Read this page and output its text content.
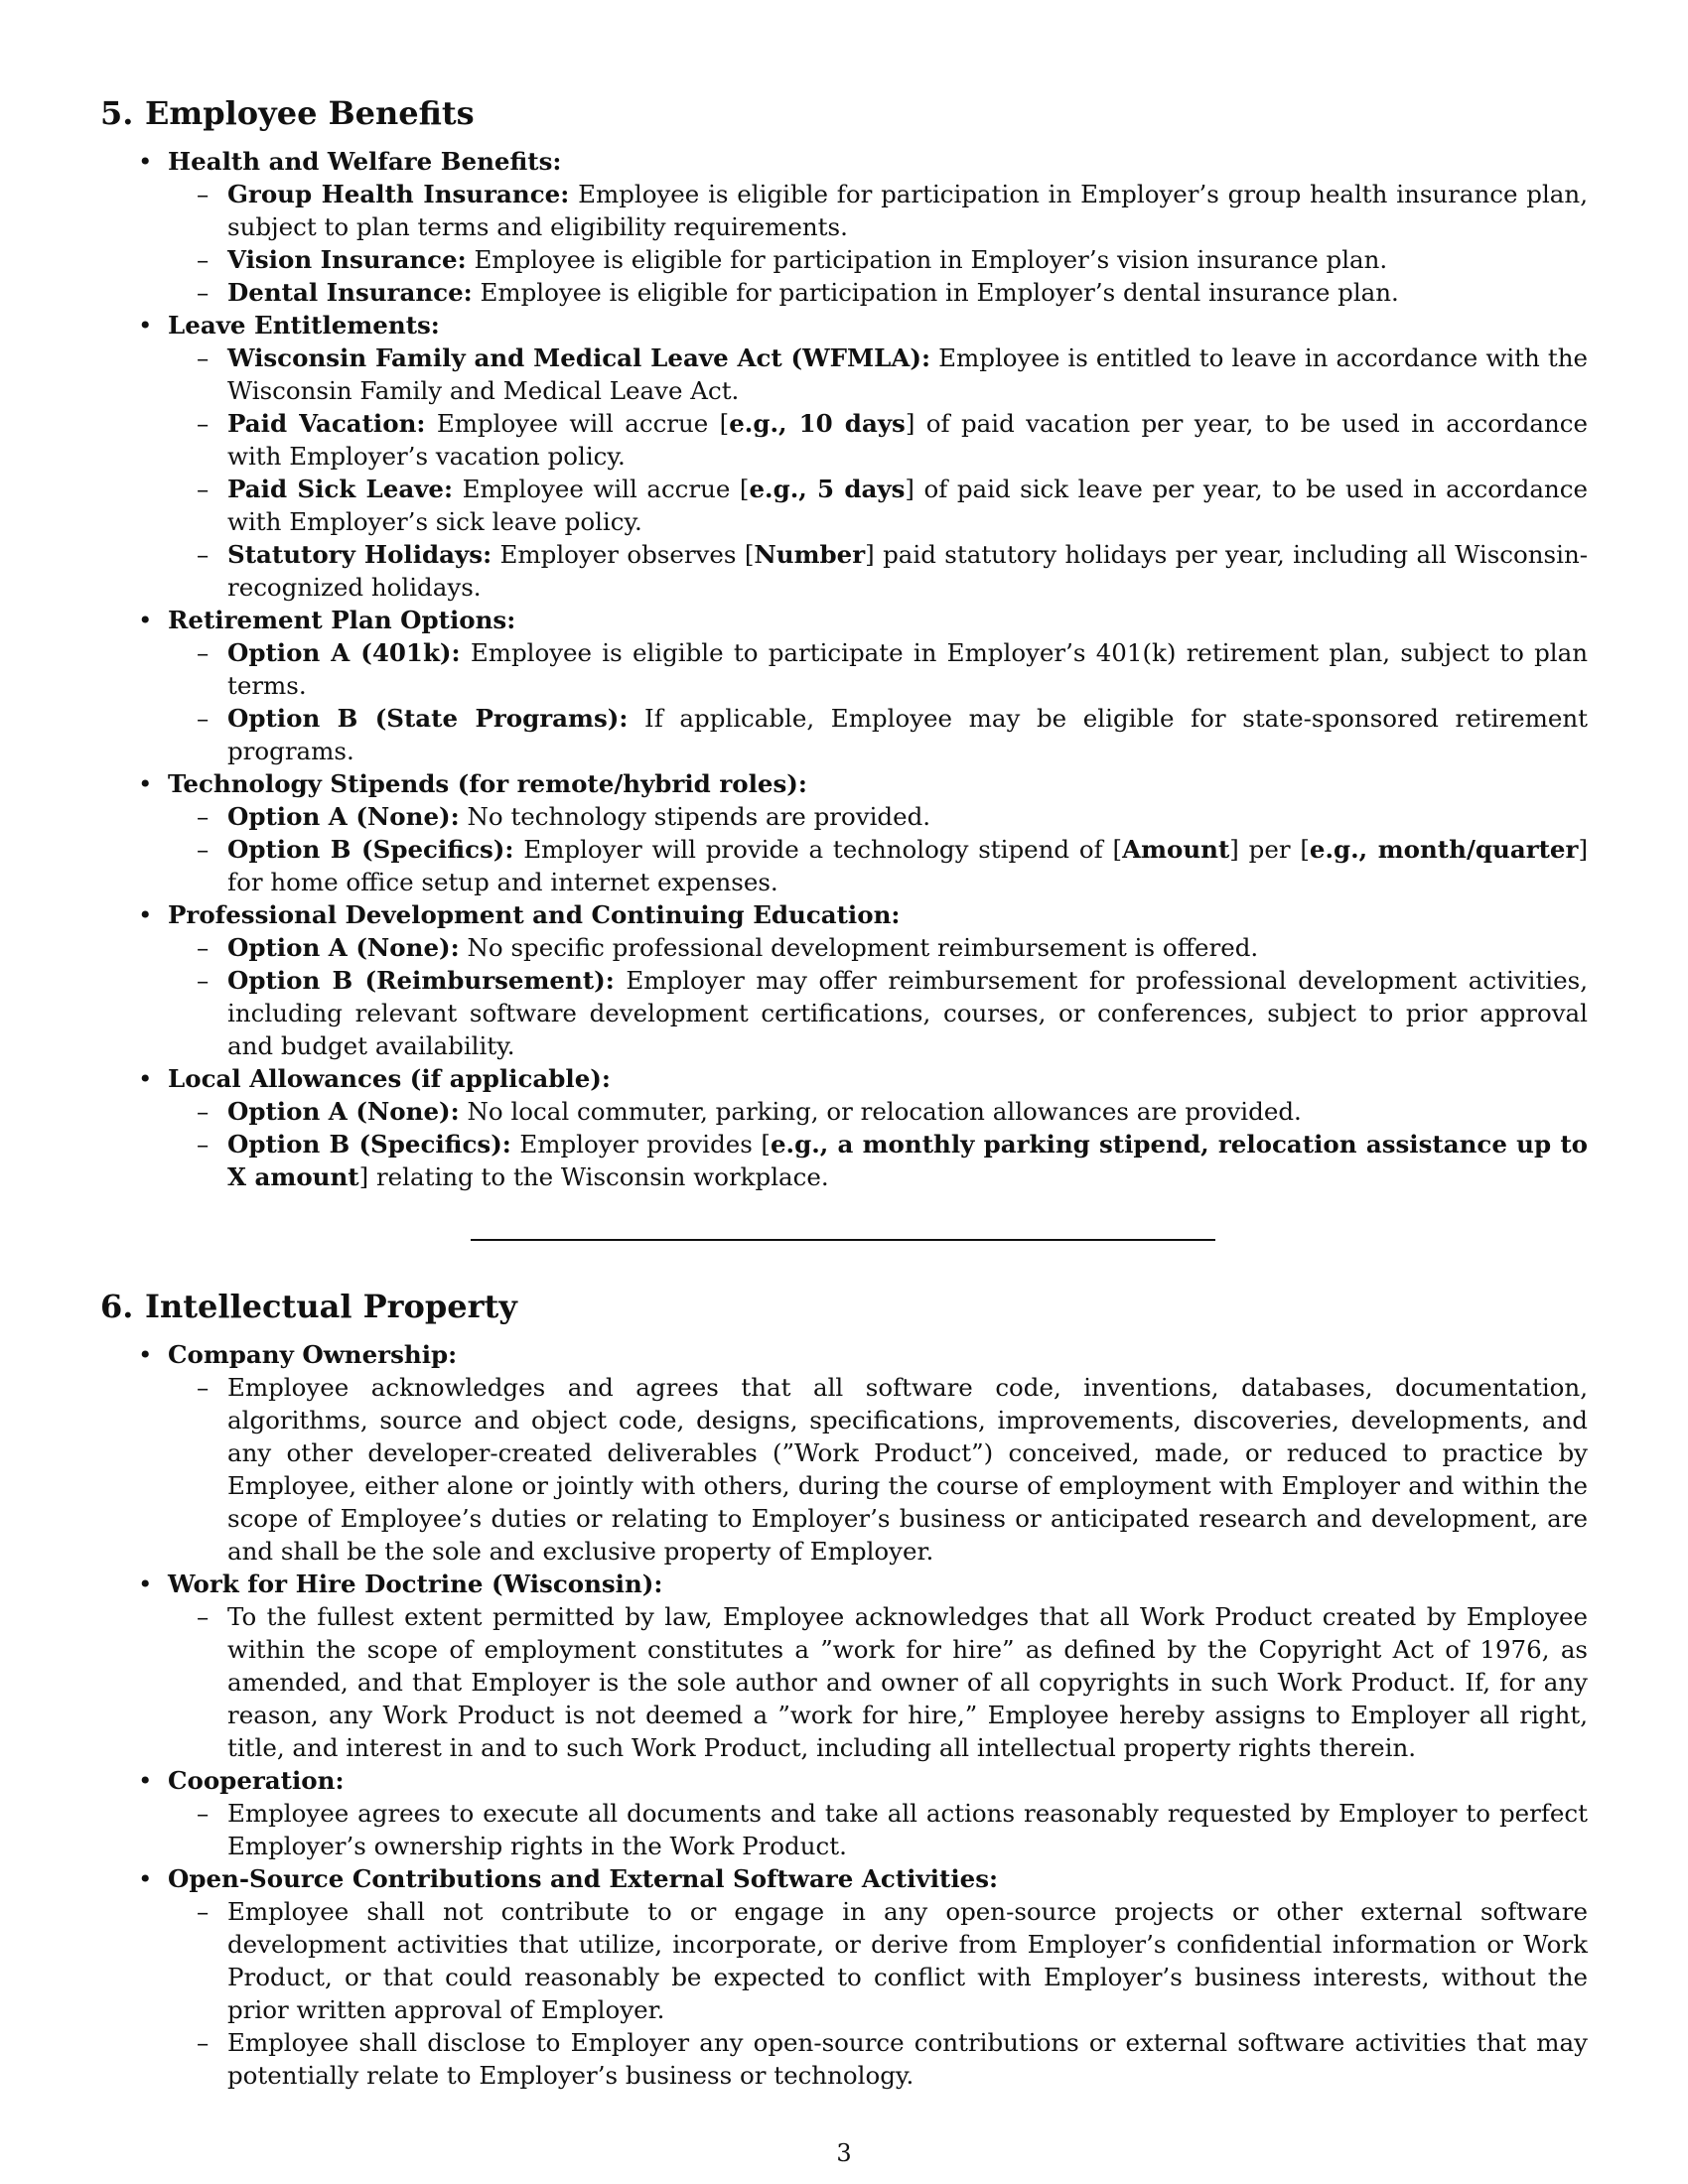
5. Employee Benefits
• Health and Welfare Benefits:
– Group Health Insurance: Employee is eligible for participation in Employer’s group health insurance plan, subject to plan terms and eligibility requirements.
– Vision Insurance: Employee is eligible for participation in Employer’s vision insurance plan.
– Dental Insurance: Employee is eligible for participation in Employer’s dental insurance plan.
• Leave Entitlements:
– Wisconsin Family and Medical Leave Act (WFMLA): Employee is entitled to leave in accordance with the Wisconsin Family and Medical Leave Act.
– Paid Vacation: Employee will accrue [e.g., 10 days] of paid vacation per year, to be used in accordance with Employer’s vacation policy.
– Paid Sick Leave: Employee will accrue [e.g., 5 days] of paid sick leave per year, to be used in accordance with Employer’s sick leave policy.
– Statutory Holidays: Employer observes [Number] paid statutory holidays per year, including all Wisconsin-recognized holidays.
• Retirement Plan Options:
– Option A (401k): Employee is eligible to participate in Employer’s 401(k) retirement plan, subject to plan terms.
– Option B (State Programs): If applicable, Employee may be eligible for state-sponsored retirement programs.
• Technology Stipends (for remote/hybrid roles):
– Option A (None): No technology stipends are provided.
– Option B (Specifics): Employer will provide a technology stipend of [Amount] per [e.g., month/quarter] for home office setup and internet expenses.
• Professional Development and Continuing Education:
– Option A (None): No specific professional development reimbursement is offered.
– Option B (Reimbursement): Employer may offer reimbursement for professional development activities, including relevant software development certifications, courses, or conferences, subject to prior approval and budget availability.
• Local Allowances (if applicable):
– Option A (None): No local commuter, parking, or relocation allowances are provided.
– Option B (Specifics): Employer provides [e.g., a monthly parking stipend, relocation assistance up to X amount] relating to the Wisconsin workplace.
6. Intellectual Property
• Company Ownership:
– Employee acknowledges and agrees that all software code, inventions, databases, documentation, algorithms, source and object code, designs, specifications, improvements, discoveries, developments, and any other developer-created deliverables (”Work Product”) conceived, made, or reduced to practice by Employee, either alone or jointly with others, during the course of employment with Employer and within the scope of Employee’s duties or relating to Employer’s business or anticipated research and development, are and shall be the sole and exclusive property of Employer.
• Work for Hire Doctrine (Wisconsin):
– To the fullest extent permitted by law, Employee acknowledges that all Work Product created by Employee within the scope of employment constitutes a ”work for hire” as defined by the Copyright Act of 1976, as amended, and that Employer is the sole author and owner of all copyrights in such Work Product. If, for any reason, any Work Product is not deemed a ”work for hire,” Employee hereby assigns to Employer all right, title, and interest in and to such Work Product, including all intellectual property rights therein.
• Cooperation:
– Employee agrees to execute all documents and take all actions reasonably requested by Employer to perfect Employer’s ownership rights in the Work Product.
• Open-Source Contributions and External Software Activities:
– Employee shall not contribute to or engage in any open-source projects or other external software development activities that utilize, incorporate, or derive from Employer’s confidential information or Work Product, or that could reasonably be expected to conflict with Employer’s business interests, without the prior written approval of Employer.
– Employee shall disclose to Employer any open-source contributions or external software activities that may potentially relate to Employer’s business or technology.
3
